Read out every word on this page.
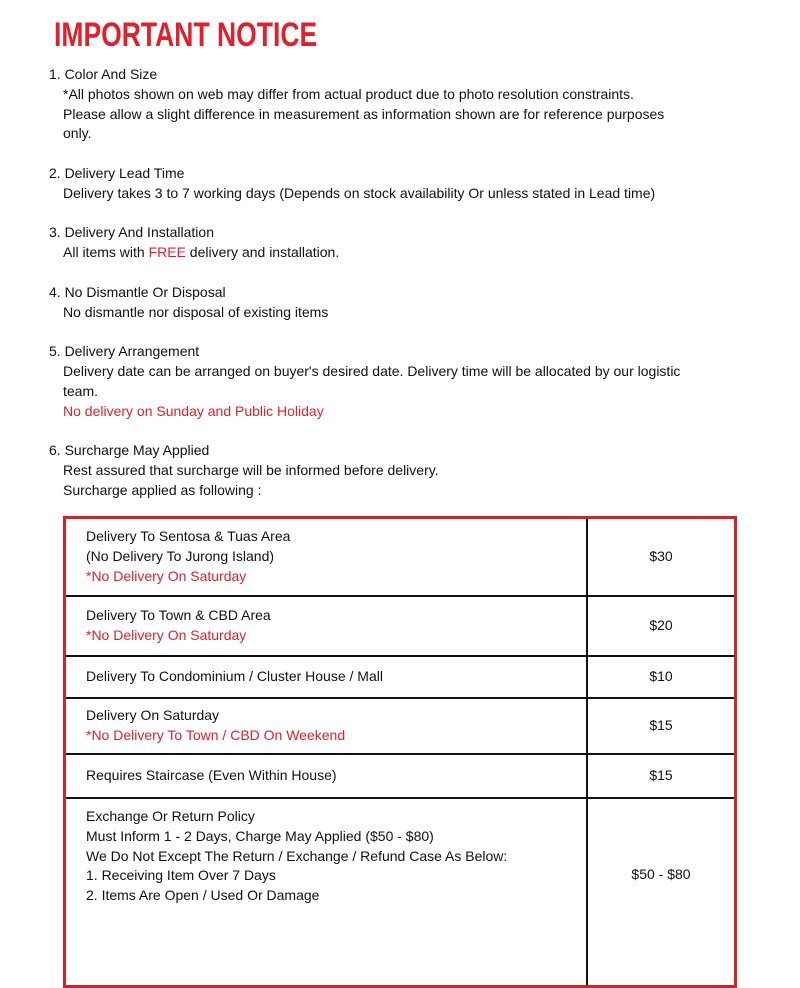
IMPORTANT NOTICE
1. Color And Size
*All photos shown on web may differ from actual product due to photo resolution constraints.
Please allow a slight difference in measurement as information shown are for reference purposes
only.
2. Delivery Lead Time
Delivery takes 3 to 7 working days (Depends on stock availability Or unless stated in Lead time)
3. Delivery And Installation
All items with FREE delivery and installation.
4. No Dismantle Or Disposal
No dismantle nor disposal of existing items
5. Delivery Arrangement
Delivery date can be arranged on buyer's desired date. Delivery time will be allocated by our logistic
team.
No delivery on Sunday and Public Holiday
6. Surcharge May Applied
Rest assured that surcharge will be informed before delivery.
Surcharge applied as following :
Delivery To Sentosa & Tuas Area
(No Delivery To Jurong Island)
*No Delivery On Saturday	$30

Delivery To Town & CBD Area
*No Delivery On Saturday	$20

Delivery To Condominium / Cluster House / Mall	$10

Delivery On Saturday
*No Delivery To Town / CBD On Weekend	$15

Requires Staircase (Even Within House)	$15

Exchange Or Return Policy
Must Inform 1 - 2 Days, Charge May Applied ($50 - $80)
We Do Not Except The Return / Exchange / Refund Case As Below:
1. Receiving Item Over 7 Days
2. Items Are Open / Used Or Damage	$50 - $80
